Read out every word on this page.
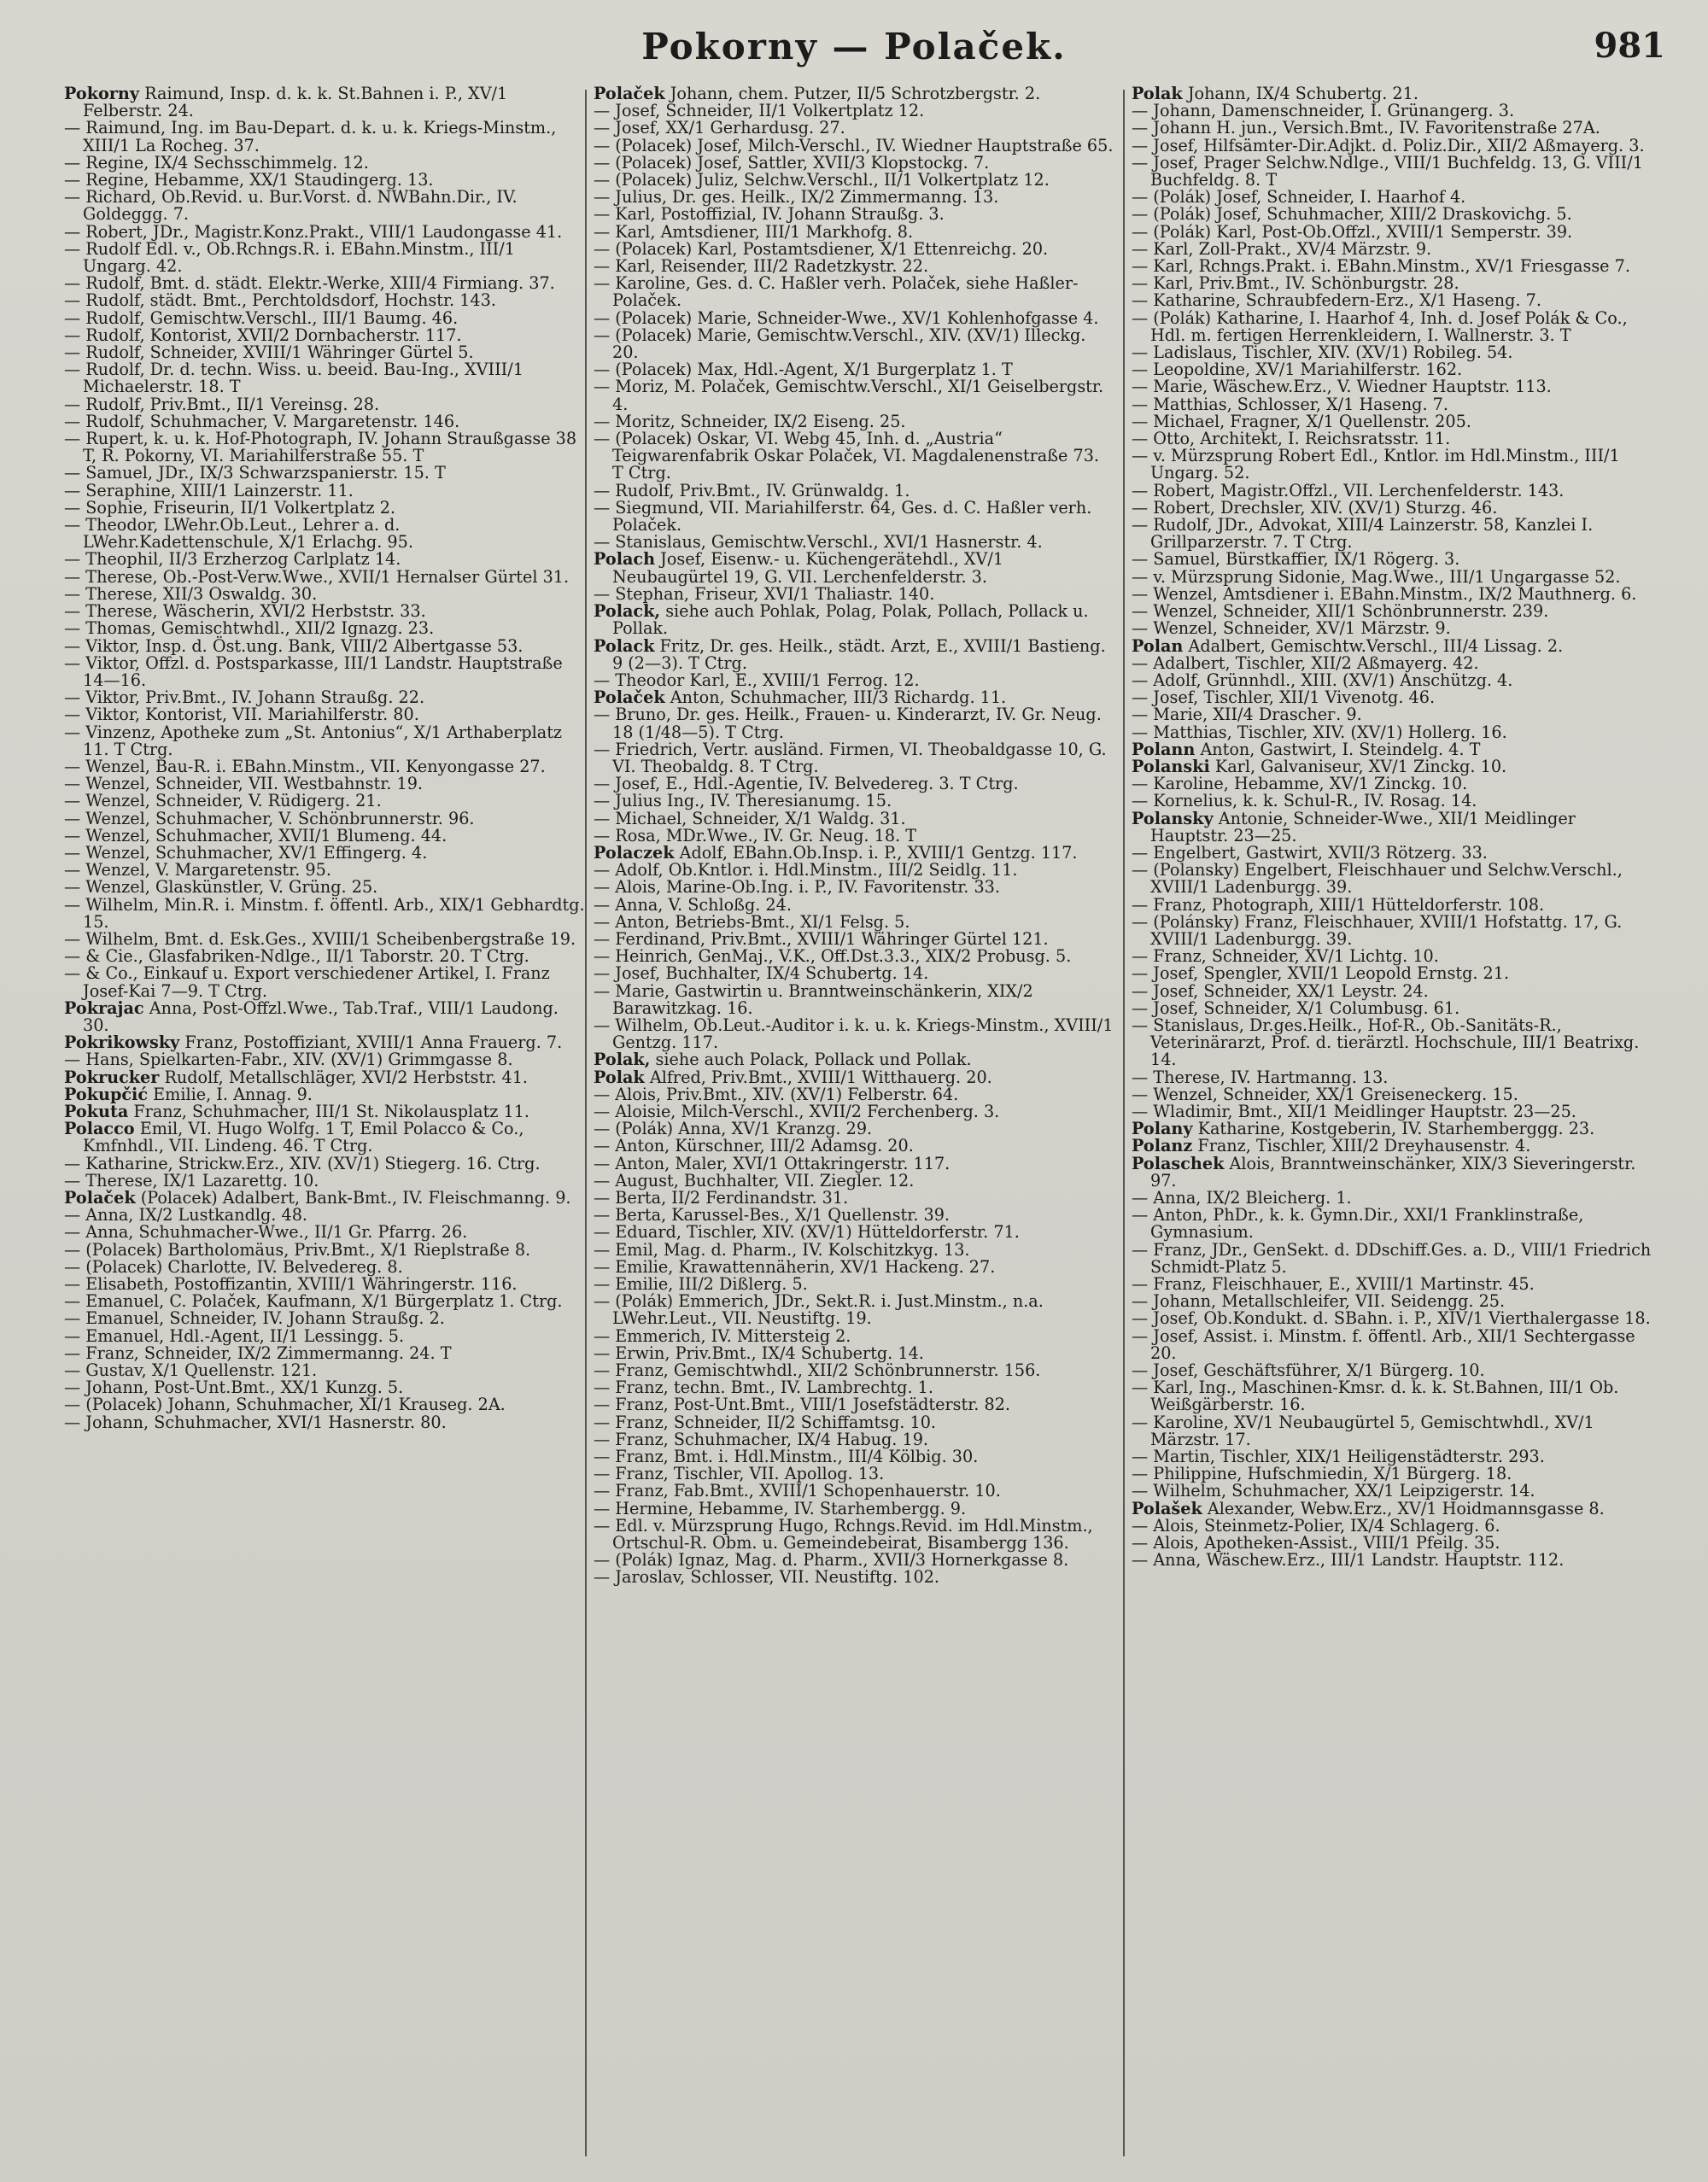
Pokorny — Polaček.	981

Pokorny Raimund, Insp. d. k. k. St.Bahnen i. P., XV/1 Felberstr. 24.

— Raimund, Ing. im Bau-Depart. d. k. u. k. Kriegs-Minstm., XIII/1 La Rocheg. 37.

— Regine, IX/4 Sechsschimmelg. 12.

— Regine, Hebamme, XX/1 Staudingerg. 13.

— Richard, Ob.Revid. u. Bur.Vorst. d. NWBahn.Dir., IV. Goldeggg. 7.

— Robert, JDr., Magistr.Konz.Prakt., VIII/1 Laudongasse 41.

— Rudolf Edl. v., Ob.Rchngs.R. i. EBahn.Minstm., III/1 Ungarg. 42.

— Rudolf, Bmt. d. städt. Elektr.-Werke, XIII/4 Firmiang. 37.

— Rudolf, städt. Bmt., Perchtoldsdorf, Hochstr. 143.

— Rudolf, Gemischtw.Verschl., III/1 Baumg. 46.

— Rudolf, Kontorist, XVII/2 Dornbacherstr. 117.

— Rudolf, Schneider, XVIII/1 Währinger Gürtel 5.

— Rudolf, Dr. d. techn. Wiss. u. beeid. Bau-Ing., XVIII/1 Michaelerstr. 18. T

— Rudolf, Priv.Bmt., II/1 Vereinsg. 28.

— Rudolf, Schuhmacher, V. Margaretenstr. 146.

— Rupert, k. u. k. Hof-Photograph, IV. Johann Straußgasse 38 T, R. Pokorny, VI. Mariahilferstraße 55. T

— Samuel, JDr., IX/3 Schwarzspanierstr. 15. T

— Seraphine, XIII/1 Lainzerstr. 11.

— Sophie, Friseurin, II/1 Volkertplatz 2.

— Theodor, LWehr.Ob.Leut., Lehrer a. d. LWehr.Kadettenschule, X/1 Erlachg. 95.

— Theophil, II/3 Erzherzog Carlplatz 14.

— Therese, Ob.-Post-Verw.Wwe., XVII/1 Hernalser Gürtel 31.

— Therese, XII/3 Oswaldg. 30.

— Therese, Wäscherin, XVI/2 Herbststr. 33.

— Thomas, Gemischtwhdl., XII/2 Ignazg. 23.

— Viktor, Insp. d. Öst.ung. Bank, VIII/2 Albertgasse 53.

— Viktor, Offzl. d. Postsparkasse, III/1 Landstr. Hauptstraße 14—16.

— Viktor, Priv.Bmt., IV. Johann Straußg. 22.

— Viktor, Kontorist, VII. Mariahilferstr. 80.

— Vinzenz, Apotheke zum „St. Antonius“, X/1 Arthaberplatz 11. T Ctrg.

— Wenzel, Bau-R. i. EBahn.Minstm., VII. Kenyongasse 27.

— Wenzel, Schneider, VII. Westbahnstr. 19.

— Wenzel, Schneider, V. Rüdigerg. 21.

— Wenzel, Schuhmacher, V. Schönbrunnerstr. 96.

— Wenzel, Schuhmacher, XVII/1 Blumeng. 44.

— Wenzel, Schuhmacher, XV/1 Effingerg. 4.

— Wenzel, V. Margaretenstr. 95.

— Wenzel, Glaskünstler, V. Grüng. 25.

— Wilhelm, Min.R. i. Minstm. f. öffentl. Arb., XIX/1 Gebhardtg. 15.

— Wilhelm, Bmt. d. Esk.Ges., XVIII/1 Scheibenbergstraße 19.

— & Cie., Glasfabriken-Ndlge., II/1 Taborstr. 20. T Ctrg.

— & Co., Einkauf u. Export verschiedener Artikel, I. Franz Josef-Kai 7—9. T Ctrg.

Pokrajac Anna, Post-Offzl.Wwe., Tab.Traf., VIII/1 Laudong. 30.

Pokrikowsky Franz, Postoffiziant, XVIII/1 Anna Frauerg. 7.

— Hans, Spielkarten-Fabr., XIV. (XV/1) Grimmgasse 8.

Pokrucker Rudolf, Metallschläger, XVI/2 Herbststr. 41.

Pokupčić Emilie, I. Annag. 9.

Pokuta Franz, Schuhmacher, III/1 St. Nikolausplatz 11.

Polacco Emil, VI. Hugo Wolfg. 1 T, Emil Polacco & Co., Kmfnhdl., VII. Lindeng. 46. T Ctrg.

— Katharine, Strickw.Erz., XIV. (XV/1) Stiegerg. 16. Ctrg.

— Therese, IX/1 Lazarettg. 10.

Polaček (Polacek) Adalbert, Bank-Bmt., IV. Fleischmanng. 9.

— Anna, IX/2 Lustkandlg. 48.

— Anna, Schuhmacher-Wwe., II/1 Gr. Pfarrg. 26.

— (Polacek) Bartholomäus, Priv.Bmt., X/1 Rieplstraße 8.

— (Polacek) Charlotte, IV. Belvedereg. 8.

— Elisabeth, Postoffizantin, XVIII/1 Währingerstr. 116.

— Emanuel, C. Polaček, Kaufmann, X/1 Bürgerplatz 1. Ctrg.

— Emanuel, Schneider, IV. Johann Straußg. 2.

— Emanuel, Hdl.-Agent, II/1 Lessingg. 5.

— Franz, Schneider, IX/2 Zimmermanng. 24. T

— Gustav, X/1 Quellenstr. 121.

— Johann, Post-Unt.Bmt., XX/1 Kunzg. 5.

— (Polacek) Johann, Schuhmacher, XI/1 Krauseg. 2A.

— Johann, Schuhmacher, XVI/1 Hasnerstr. 80.

Polaček Johann, chem. Putzer, II/5 Schrotzbergstr. 2.

— Josef, Schneider, II/1 Volkertplatz 12.

— Josef, XX/1 Gerhardusg. 27.

— (Polacek) Josef, Milch-Verschl., IV. Wiedner Hauptstraße 65.

— (Polacek) Josef, Sattler, XVII/3 Klopstockg. 7.

— (Polacek) Juliz, Selchw.Verschl., II/1 Volkertplatz 12.

— Julius, Dr. ges. Heilk., IX/2 Zimmermanng. 13.

— Karl, Postoffizial, IV. Johann Straußg. 3.

— Karl, Amtsdiener, III/1 Markhofg. 8.

— (Polacek) Karl, Postamtsdiener, X/1 Ettenreichg. 20.

— Karl, Reisender, III/2 Radetzkystr. 22.

— Karoline, Ges. d. C. Haßler verh. Polaček, siehe Haßler-Polaček.

— (Polacek) Marie, Schneider-Wwe., XV/1 Kohlenhofgasse 4.

— (Polacek) Marie, Gemischtw.Verschl., XIV. (XV/1) Illeckg. 20.

— (Polacek) Max, Hdl.-Agent, X/1 Burgerplatz 1. T

— Moriz, M. Polaček, Gemischtw.Verschl., XI/1 Geiselbergstr. 4.

— Moritz, Schneider, IX/2 Eiseng. 25.

— (Polacek) Oskar, VI. Webg 45, Inh. d. „Austria“ Teigwarenfabrik Oskar Polaček, VI. Magdalenenstraße 73. T Ctrg.

— Rudolf, Priv.Bmt., IV. Grünwaldg. 1.

— Siegmund, VII. Mariahilferstr. 64, Ges. d. C. Haßler verh. Polaček.

— Stanislaus, Gemischtw.Verschl., XVI/1 Hasnerstr. 4.

Polach Josef, Eisenw.- u. Küchengerätehdl., XV/1 Neubaugürtel 19, G. VII. Lerchenfelderstr. 3.

— Stephan, Friseur, XVI/1 Thaliastr. 140.

Polack, siehe auch Pohlak, Polag, Polak, Pollach, Pollack u. Pollak.

Polack Fritz, Dr. ges. Heilk., städt. Arzt, E., XVIII/1 Bastieng. 9 (2—3). T Ctrg.

— Theodor Karl, E., XVIII/1 Ferrog. 12.

Polaček Anton, Schuhmacher, III/3 Richardg. 11.

— Bruno, Dr. ges. Heilk., Frauen- u. Kinderarzt, IV. Gr. Neug. 18 (1/48—5). T Ctrg.

— Friedrich, Vertr. ausländ. Firmen, VI. Theobaldgasse 10, G. VI. Theobaldg. 8. T Ctrg.

— Josef, E., Hdl.-Agentie, IV. Belvedereg. 3. T Ctrg.

— Julius Ing., IV. Theresianumg. 15.

— Michael, Schneider, X/1 Waldg. 31.

— Rosa, MDr.Wwe., IV. Gr. Neug. 18. T

Polaczek Adolf, EBahn.Ob.Insp. i. P., XVIII/1 Gentzg. 117.

— Adolf, Ob.Kntlor. i. Hdl.Minstm., III/2 Seidlg. 11.

— Alois, Marine-Ob.Ing. i. P., IV. Favoritenstr. 33.

— Anna, V. Schloßg. 24.

— Anton, Betriebs-Bmt., XI/1 Felsg. 5.

— Ferdinand, Priv.Bmt., XVIII/1 Währinger Gürtel 121.

— Heinrich, GenMaj., V.K., Off.Dst.3.3., XIX/2 Probusg. 5.

— Josef, Buchhalter, IX/4 Schubertg. 14.

— Marie, Gastwirtin u. Branntweinschänkerin, XIX/2 Barawitzkag. 16.

— Wilhelm, Ob.Leut.-Auditor i. k. u. k. Kriegs-Minstm., XVIII/1 Gentzg. 117.

Polak, siehe auch Polack, Pollack und Pollak.

Polak Alfred, Priv.Bmt., XVIII/1 Witthauerg. 20.

— Alois, Priv.Bmt., XIV. (XV/1) Felberstr. 64.

— Aloisie, Milch-Verschl., XVII/2 Ferchenberg. 3.

— (Polák) Anna, XV/1 Kranzg. 29.

— Anton, Kürschner, III/2 Adamsg. 20.

— Anton, Maler, XVI/1 Ottakringerstr. 117.

— August, Buchhalter, VII. Ziegler. 12.

— Berta, II/2 Ferdinandstr. 31.

— Berta, Karussel-Bes., X/1 Quellenstr. 39.

— Eduard, Tischler, XIV. (XV/1) Hütteldorferstr. 71.

— Emil, Mag. d. Pharm., IV. Kolschitzkyg. 13.

— Emilie, Krawattennäherin, XV/1 Hackeng. 27.

— Emilie, III/2 Dißlerg. 5.

— (Polák) Emmerich, JDr., Sekt.R. i. Just.Minstm., n.a. LWehr.Leut., VII. Neustiftg. 19.

— Emmerich, IV. Mittersteig 2.

— Erwin, Priv.Bmt., IX/4 Schubertg. 14.

— Franz, Gemischtwhdl., XII/2 Schönbrunnerstr. 156.

— Franz, techn. Bmt., IV. Lambrechtg. 1.

— Franz, Post-Unt.Bmt., VIII/1 Josefstädterstr. 82.

— Franz, Schneider, II/2 Schiffamtsg. 10.

— Franz, Schuhmacher, IX/4 Habug. 19.

— Franz, Bmt. i. Hdl.Minstm., III/4 Kölbig. 30.

— Franz, Tischler, VII. Apollog. 13.

— Franz, Fab.Bmt., XVIII/1 Schopenhauerstr. 10.

— Hermine, Hebamme, IV. Starhembergg. 9.

— Edl. v. Mürzsprung Hugo, Rchngs.Revid. im Hdl.Minstm., Ortschul-R. Obm. u. Gemeindebeirat, Bisambergg 136.

— (Polák) Ignaz, Mag. d. Pharm., XVII/3 Hornerkgasse 8.

— Jaroslav, Schlosser, VII. Neustiftg. 102.

Polak Johann, IX/4 Schubertg. 21.

— Johann, Damenschneider, I. Grünangerg. 3.

— Johann H. jun., Versich.Bmt., IV. Favoritenstraße 27A.

— Josef, Hilfsämter-Dir.Adjkt. d. Poliz.Dir., XII/2 Aßmayerg. 3.

— Josef, Prager Selchw.Ndlge., VIII/1 Buchfeldg. 13, G. VIII/1 Buchfeldg. 8. T

— (Polák) Josef, Schneider, I. Haarhof 4.

— (Polák) Josef, Schuhmacher, XIII/2 Draskovichg. 5.

— (Polák) Karl, Post-Ob.Offzl., XVIII/1 Semperstr. 39.

— Karl, Zoll-Prakt., XV/4 Märzstr. 9.

— Karl, Rchngs.Prakt. i. EBahn.Minstm., XV/1 Friesgasse 7.

— Karl, Priv.Bmt., IV. Schönburgstr. 28.

— Katharine, Schraubfedern-Erz., X/1 Haseng. 7.

— (Polák) Katharine, I. Haarhof 4, Inh. d. Josef Polák & Co., Hdl. m. fertigen Herrenkleidern, I. Wallnerstr. 3. T

— Ladislaus, Tischler, XIV. (XV/1) Robileg. 54.

— Leopoldine, XV/1 Mariahilferstr. 162.

— Marie, Wäschew.Erz., V. Wiedner Hauptstr. 113.

— Matthias, Schlosser, X/1 Haseng. 7.

— Michael, Fragner, X/1 Quellenstr. 205.

— Otto, Architekt, I. Reichsratsstr. 11.

— v. Mürzsprung Robert Edl., Kntlor. im Hdl.Minstm., III/1 Ungarg. 52.

— Robert, Magistr.Offzl., VII. Lerchenfelderstr. 143.

— Robert, Drechsler, XIV. (XV/1) Sturzg. 46.

— Rudolf, JDr., Advokat, XIII/4 Lainzerstr. 58, Kanzlei I. Grillparzerstr. 7. T Ctrg.

— Samuel, Bürstkaffier, IX/1 Rögerg. 3.

— v. Mürzsprung Sidonie, Mag.Wwe., III/1 Ungargasse 52.

— Wenzel, Amtsdiener i. EBahn.Minstm., IX/2 Mauthnerg. 6.

— Wenzel, Schneider, XII/1 Schönbrunnerstr. 239.

— Wenzel, Schneider, XV/1 Märzstr. 9.

Polan Adalbert, Gemischtw.Verschl., III/4 Lissag. 2.

— Adalbert, Tischler, XII/2 Aßmayerg. 42.

— Adolf, Grünnhdl., XIII. (XV/1) Anschützg. 4.

— Josef, Tischler, XII/1 Vivenotg. 46.

— Marie, XII/4 Draschег. 9.

— Matthias, Tischler, XIV. (XV/1) Hollerg. 16.

Polann Anton, Gastwirt, I. Steindelg. 4. T

Polanski Karl, Galvaniseur, XV/1 Zinckg. 10.

— Karoline, Hebamme, XV/1 Zinckg. 10.

— Kornelius, k. k. Schul-R., IV. Rosag. 14.

Polansky Antonie, Schneider-Wwe., XII/1 Meidlinger Hauptstr. 23—25.

— Engelbert, Gastwirt, XVII/3 Rötzerg. 33.

— (Polansky) Engelbert, Fleischhauer und Selchw.Verschl., XVIII/1 Ladenburgg. 39.

— Franz, Photograph, XIII/1 Hütteldorferstr. 108.

— (Polánsky) Franz, Fleischhauer, XVIII/1 Hofstattg. 17, G. XVIII/1 Ladenburgg. 39.

— Franz, Schneider, XV/1 Lichtg. 10.

— Josef, Spengler, XVII/1 Leopold Ernstg. 21.

— Josef, Schneider, XX/1 Leystr. 24.

— Josef, Schneider, X/1 Columbusg. 61.

— Stanislaus, Dr.ges.Heilk., Hof-R., Ob.-Sanitäts-R., Veterinärarzt, Prof. d. tierärztl. Hochschule, III/1 Beatrixg. 14.

— Therese, IV. Hartmanng. 13.

— Wenzel, Schneider, XX/1 Greiseneckerg. 15.

— Wladimir, Bmt., XII/1 Meidlinger Hauptstr. 23—25.

Polany Katharine, Kostgeberin, IV. Starhemberggg. 23.

Polanz Franz, Tischler, XIII/2 Dreyhausenstr. 4.

Polaschek Alois, Branntweinschänker, XIX/3 Sieveringerstr. 97.

— Anna, IX/2 Bleicherg. 1.

— Anton, PhDr., k. k. Gymn.Dir., XXI/1 Franklinstraße, Gymnasium.

— Franz, JDr., GenSekt. d. DDschiff.Ges. a. D., VIII/1 Friedrich Schmidt-Platz 5.

— Franz, Fleischhauer, E., XVIII/1 Martinstr. 45.

— Johann, Metallschleifer, VII. Seidengg. 25.

— Josef, Ob.Kondukt. d. SBahn. i. P., XIV/1 Vierthalergasse 18.

— Josef, Assist. i. Minstm. f. öffentl. Arb., XII/1 Sechtergasse 20.

— Josef, Geschäftsführer, X/1 Bürgerg. 10.

— Karl, Ing., Maschinen-Kmsr. d. k. k. St.Bahnen, III/1 Ob. Weißgärberstr. 16.

— Karoline, XV/1 Neubaugürtel 5, Gemischtwhdl., XV/1 Märzstr. 17.

— Martin, Tischler, XIX/1 Heiligenstädterstr. 293.

— Philippine, Hufschmiedin, X/1 Bürgerg. 18.

— Wilhelm, Schuhmacher, XX/1 Leipzigerstr. 14.

Polašek Alexander, Webw.Erz., XV/1 Hoidmannsgasse 8.

— Alois, Steinmetz-Polier, IX/4 Schlagerg. 6.

— Alois, Apotheken-Assist., VIII/1 Pfeilg. 35.

— Anna, Wäschew.Erz., III/1 Landstr. Hauptstr. 112.
